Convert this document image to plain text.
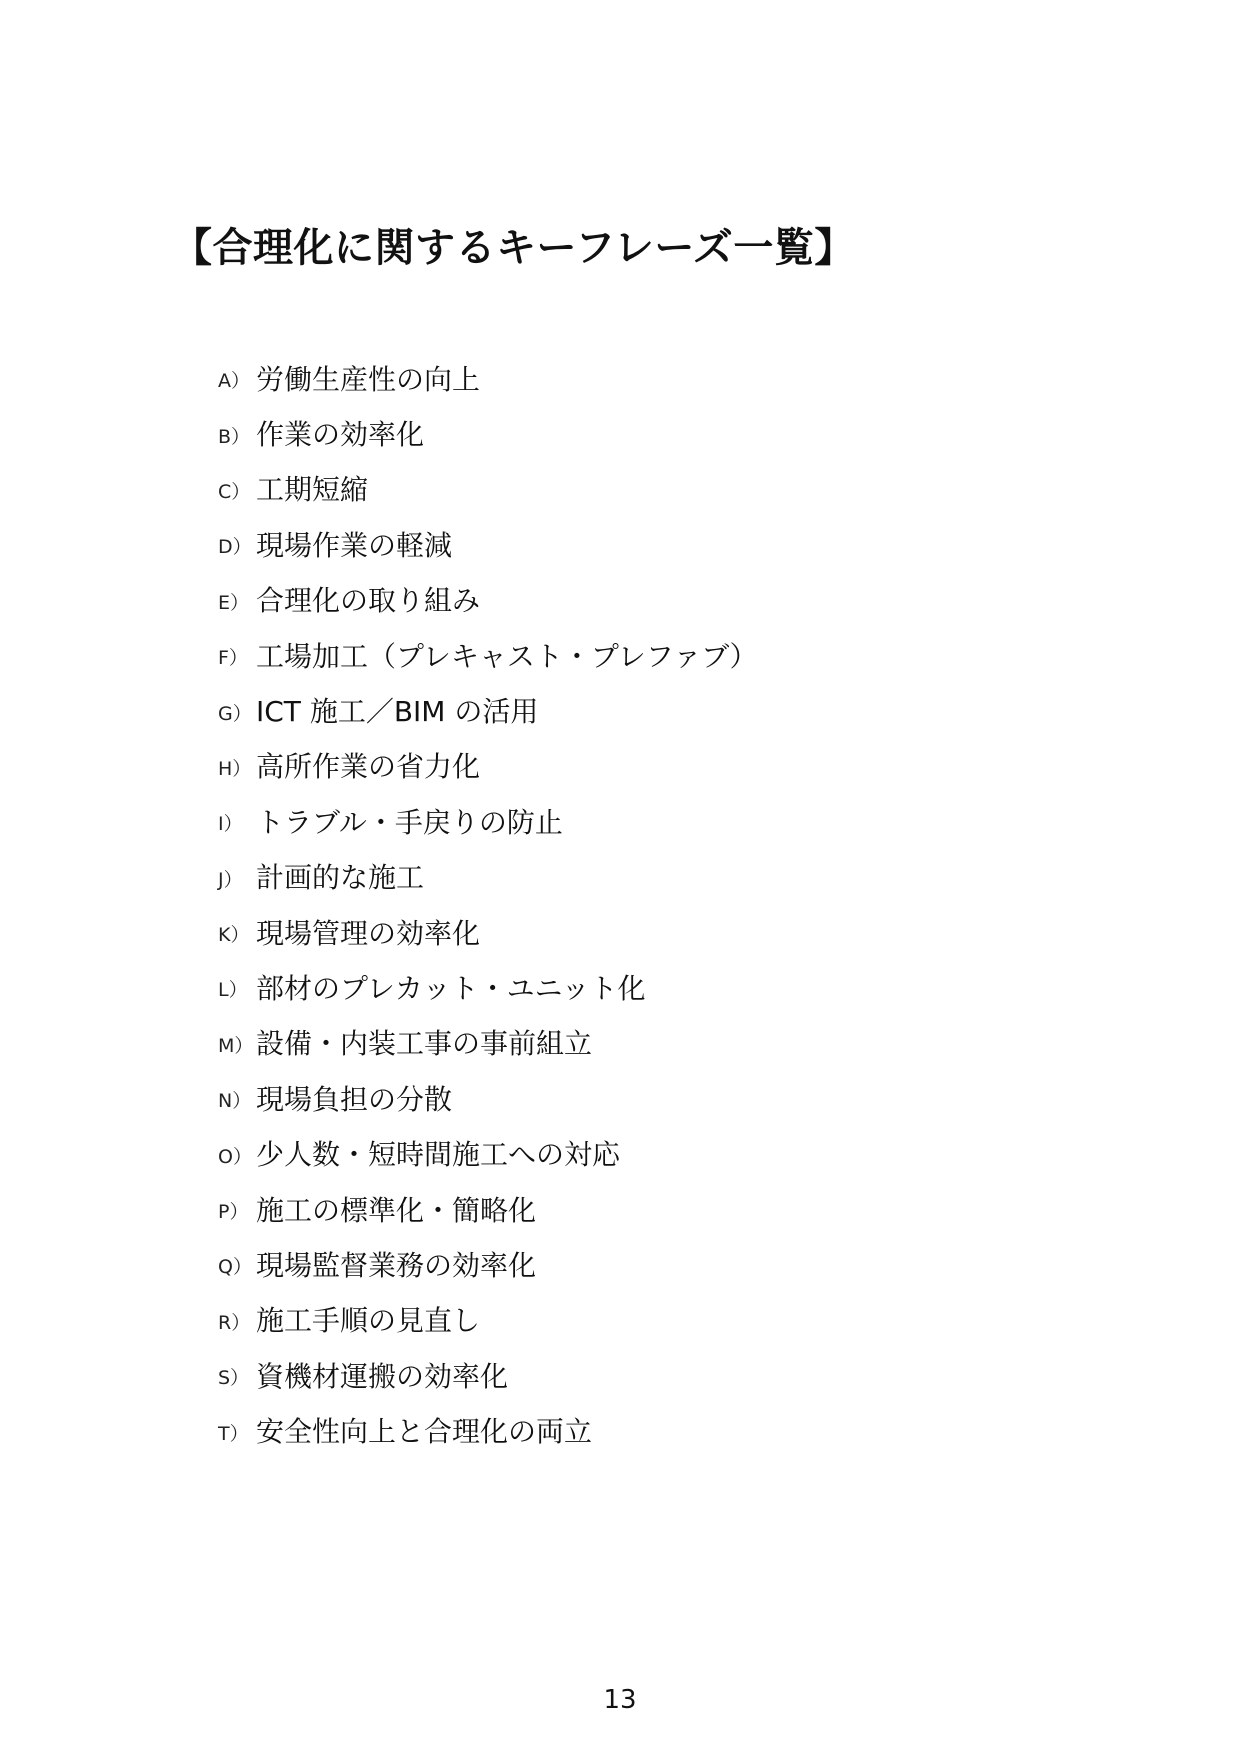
【合理化に関するキーフレーズ一覧】
A） 労働生産性の向上
B） 作業の効率化
C） 工期短縮
D） 現場作業の軽減
E） 合理化の取り組み
F） 工場加工（プレキャスト・プレファブ）
G） ICT 施工／BIM の活用
H） 高所作業の省力化
I） トラブル・手戻りの防止
J） 計画的な施工
K） 現場管理の効率化
L） 部材のプレカット・ユニット化
M） 設備・内装工事の事前組立
N） 現場負担の分散
O） 少人数・短時間施工への対応
P） 施工の標準化・簡略化
Q） 現場監督業務の効率化
R） 施工手順の見直し
S） 資機材運搬の効率化
T） 安全性向上と合理化の両立
13
